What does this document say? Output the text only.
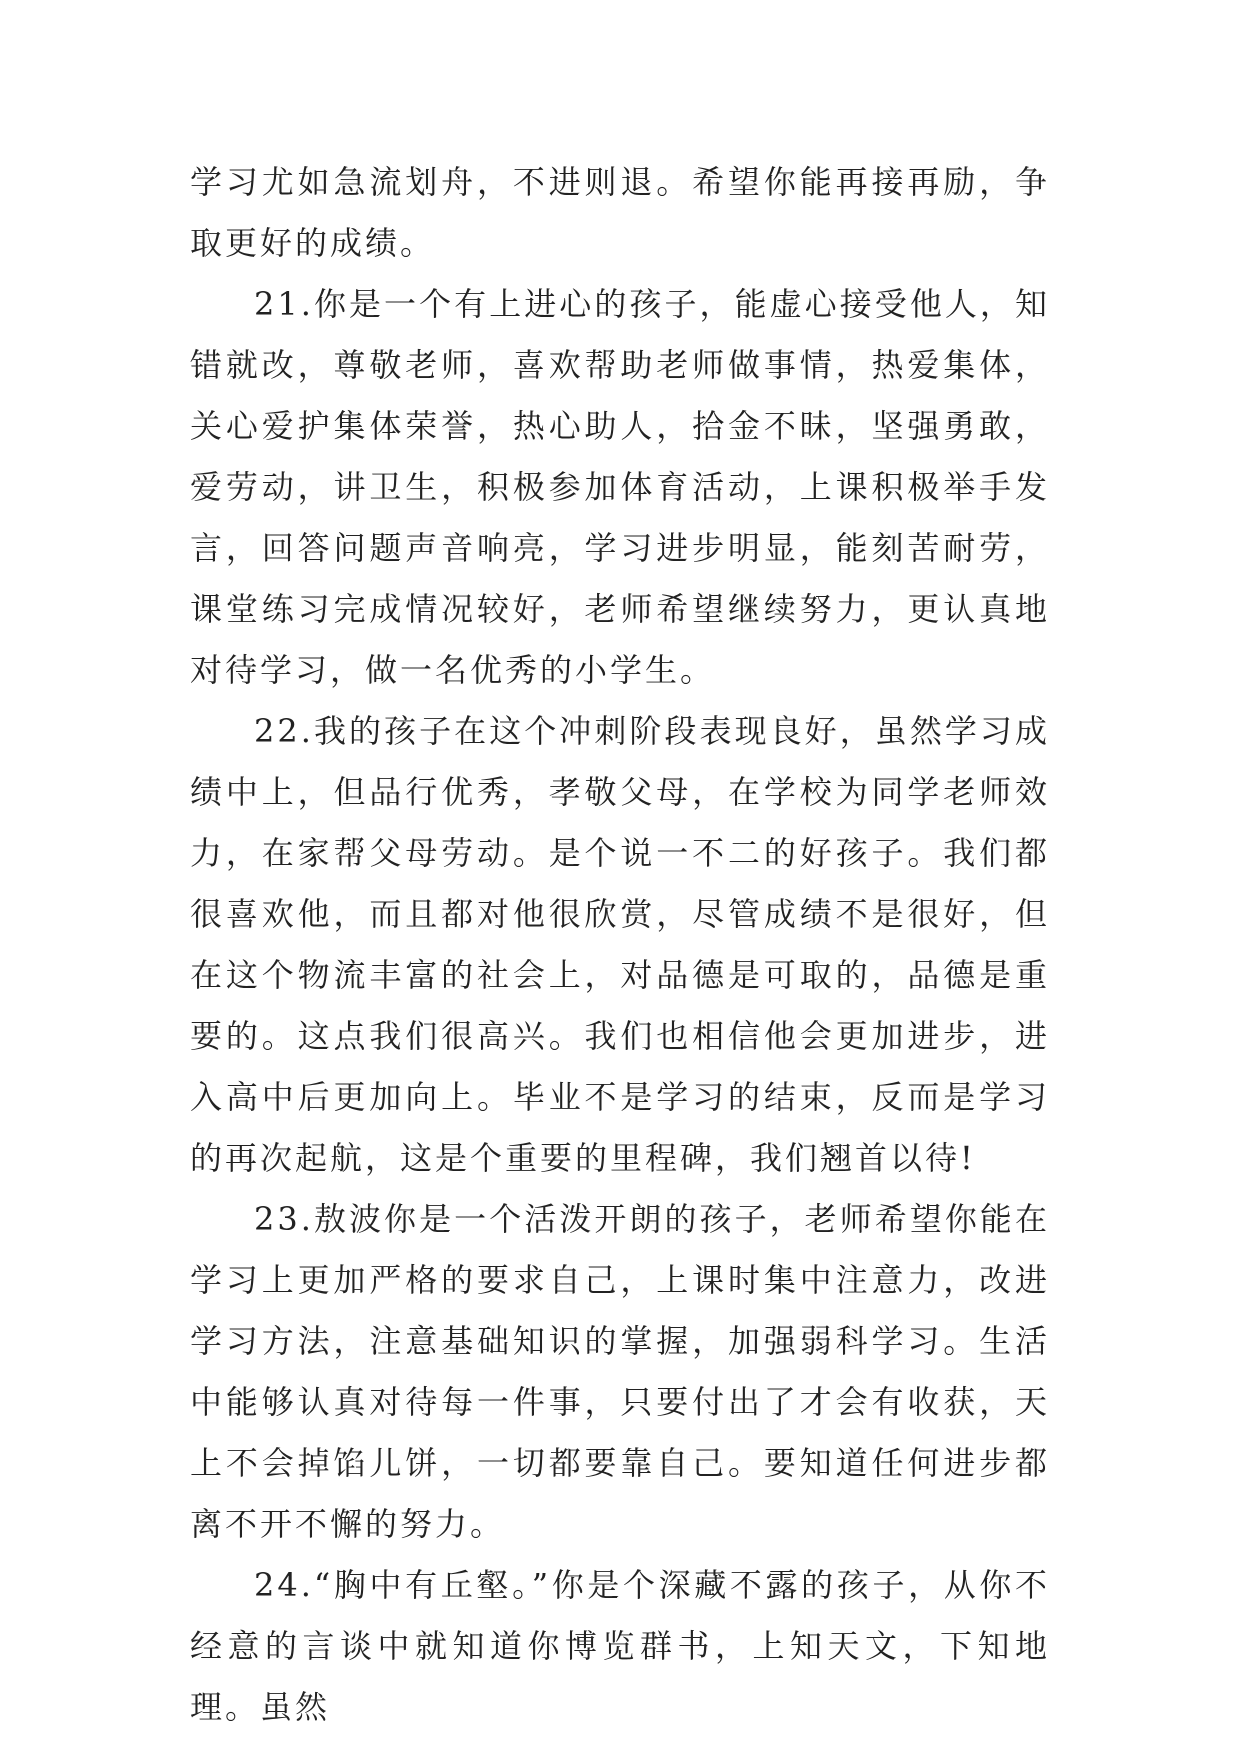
学习尤如急流划舟，不进则退。希望你能再接再励，争取更好的成绩。

21.你是一个有上进心的孩子，能虚心接受他人，知错就改，尊敬老师，喜欢帮助老师做事情，热爱集体，关心爱护集体荣誉，热心助人，拾金不昧，坚强勇敢，爱劳动，讲卫生，积极参加体育活动，上课积极举手发言，回答问题声音响亮，学习进步明显，能刻苦耐劳，课堂练习完成情况较好，老师希望继续努力，更认真地对待学习，做一名优秀的小学生。

22.我的孩子在这个冲刺阶段表现良好，虽然学习成绩中上，但品行优秀，孝敬父母，在学校为同学老师效力，在家帮父母劳动。是个说一不二的好孩子。我们都很喜欢他，而且都对他很欣赏，尽管成绩不是很好，但在这个物流丰富的社会上，对品德是可取的，品德是重要的。这点我们很高兴。我们也相信他会更加进步，进入高中后更加向上。毕业不是学习的结束，反而是学习的再次起航，这是个重要的里程碑，我们翘首以待!

23.敖波你是一个活泼开朗的孩子，老师希望你能在学习上更加严格的要求自己，上课时集中注意力，改进学习方法，注意基础知识的掌握，加强弱科学习。生活中能够认真对待每一件事，只要付出了才会有收获，天上不会掉馅儿饼，一切都要靠自己。要知道任何进步都离不开不懈的努力。

24.“胸中有丘壑。”你是个深藏不露的孩子，从你不经意的言谈中就知道你博览群书，上知天文，下知地理。虽然
